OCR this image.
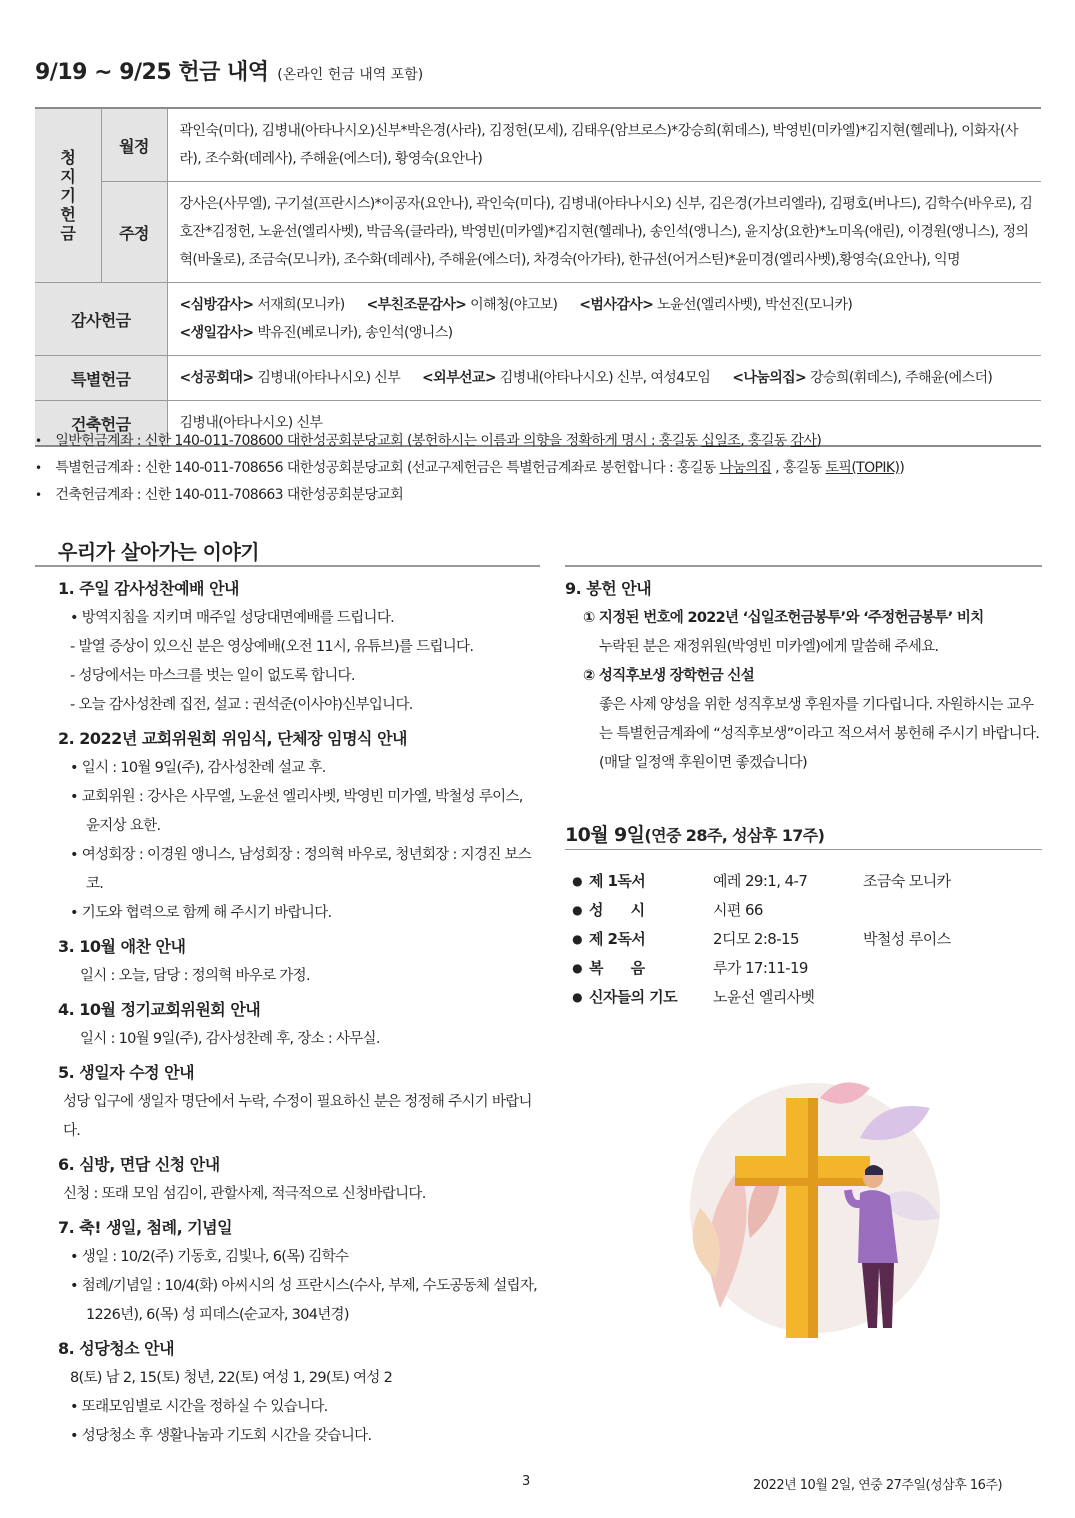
9/19 ~ 9/25 헌금 내역 (온라인 헌금 내역 포함)
청
지
기
헌
금	월정	곽인숙(미다), 김병내(아타나시오)신부*박은경(사라), 김정헌(모세), 김태우(암브로스)*강승희(휘데스), 박영빈(미카엘)*김지현(헬레나), 이화자(사라), 조수화(데레사), 주해윤(에스더), 황영숙(요안나)
	주정	강사은(사무엘), 구기설(프란시스)*이공자(요안나), 곽인숙(미다), 김병내(아타나시오) 신부, 김은경(가브리엘라), 김평호(버나드), 김학수(바우로), 김호잔*김정헌, 노윤선(엘리사벳), 박금옥(클라라), 박영빈(미카엘)*김지현(헬레나), 송인석(앵니스), 윤지상(요한)*노미옥(애린), 이경원(앵니스), 정의혁(바울로), 조금숙(모니카), 조수화(데레사), 주해윤(에스더), 차경숙(아가타), 한규선(어거스틴)*윤미경(엘리사벳),황영숙(요안나), 익명
감사헌금		<심방감사> 서재희(모니카) <부친조문감사> 이해청(야고보) <범사감사> 노윤선(엘리사벳), 박선진(모니카)
<생일감사> 박유진(베로니카), 송인석(앵니스)
특별헌금		<성공회대> 김병내(아타나시오) 신부 <외부선교> 김병내(아타나시오) 신부, 여성4모임 <나눔의집> 강승희(휘데스), 주해윤(에스더)
건축헌금		김병내(아타나시오) 신부
• 일반헌금계좌 : 신한 140-011-708600 대한성공회분당교회 (봉헌하시는 이름과 의향을 정확하게 명시 : 홍길동 십일조, 홍길동 감사)
• 특별헌금계좌 : 신한 140-011-708656 대한성공회분당교회 (선교구제헌금은 특별헌금계좌로 봉헌합니다 : 홍길동 나눔의집 , 홍길동 토픽(TOPIK))
• 건축헌금계좌 : 신한 140-011-708663 대한성공회분당교회
우리가 살아가는 이야기
1. 주일 감사성찬예배 안내
• 방역지침을 지키며 매주일 성당대면예배를 드립니다.
- 발열 증상이 있으신 분은 영상예배(오전 11시, 유튜브)를 드립니다.
- 성당에서는 마스크를 벗는 일이 없도록 합니다.
- 오늘 감사성찬례 집전, 설교 : 권석준(이사야)신부입니다.
2. 2022년 교회위원회 위임식, 단체장 임명식 안내
• 일시 : 10월 9일(주), 감사성찬례 설교 후.
• 교회위원 : 강사은 사무엘, 노윤선 엘리사벳, 박영빈 미가엘, 박철성 루이스, 윤지상 요한.
• 여성회장 : 이경원 앵니스, 남성회장 : 정의혁 바우로, 청년회장 : 지경진 보스코.
• 기도와 협력으로 함께 해 주시기 바랍니다.
3. 10월 애찬 안내
일시 : 오늘, 담당 : 정의혁 바우로 가정.
4. 10월 정기교회위원회 안내
일시 : 10월 9일(주), 감사성찬례 후, 장소 : 사무실.
5. 생일자 수정 안내
성당 입구에 생일자 명단에서 누락, 수정이 필요하신 분은 정정해 주시기 바랍니다.
6. 심방, 면담 신청 안내
신청 : 또래 모임 섬김이, 관할사제, 적극적으로 신청바랍니다.
7. 축! 생일, 첨례, 기념일
• 생일 : 10/2(주) 기동호, 김빛나, 6(목) 김학수
• 첨례/기념일 : 10/4(화) 아씨시의 성 프란시스(수사, 부제, 수도공동체 설립자, 1226년), 6(목) 성 피데스(순교자, 304년경)
8. 성당청소 안내
8(토) 남 2, 15(토) 청년, 22(토) 여성 1, 29(토) 여성 2
• 또래모임별로 시간을 정하실 수 있습니다.
• 성당청소 후 생활나눔과 기도회 시간을 갖습니다.
9. 봉헌 안내
① 지정된 번호에 2022년 ‘십일조헌금봉투’와 ‘주정헌금봉투’ 비치
누락된 분은 재정위원(박영빈 미카엘)에게 말씀해 주세요.
② 성직후보생 장학헌금 신설
좋은 사제 양성을 위한 성직후보생 후원자를 기다립니다. 자원하시는 교우는 특별헌금계좌에 “성직후보생”이라고 적으셔서 봉헌해 주시기 바랍니다. (매달 일정액 후원이면 좋겠습니다)
10월 9일(연중 28주, 성삼후 17주)
●	제 1독서	예레 29:1, 4-7	조금숙 모니카
●	성      시	시편 66	
●	제 2독서	2디모 2:8-15	박철성 루이스
●	복      음	루가 17:11-19	
●	신자들의 기도	노윤선 엘리사벳	
3	2022년 10월 2일, 연중 27주일(성삼후 16주)
